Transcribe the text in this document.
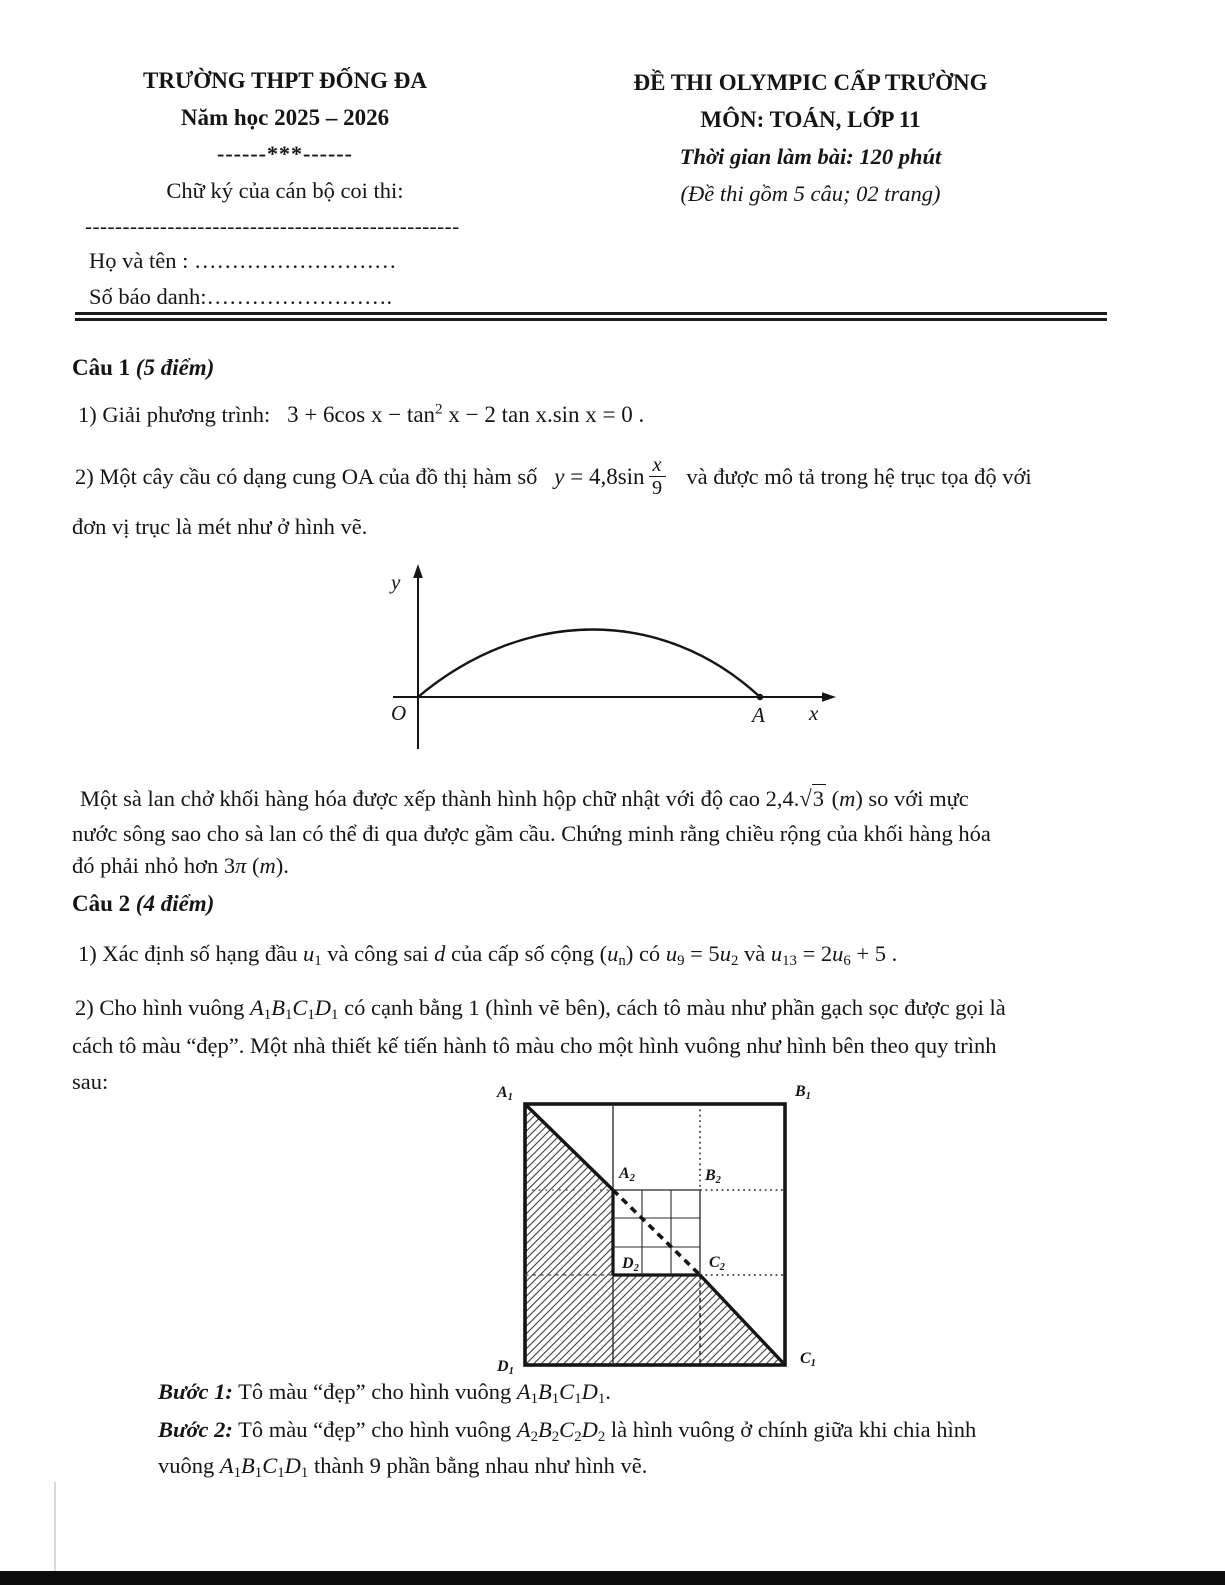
TRƯỜNG THPT ĐỐNG ĐA
Năm học 2025 – 2026
------***------
Chữ ký của cán bộ coi thi:
--------------------------------------------------
Họ và tên : ………………………
Số báo danh:…………………….
ĐỀ THI OLYMPIC CẤP TRƯỜNG
MÔN: TOÁN, LỚP 11
Thời gian làm bài: 120 phút
(Đề thi gồm 5 câu; 02 trang)
Câu 1 (5 điểm)
1) Giải phương trình: 3 + 6cos $x - \tan^2 x - 2$ tan x.sin x = 0 .
2) Một cây cầu có dạng cung OA của đồ thị hàm số $y = 4,8\sin \frac{x}{9}$ và được mô tả trong hệ trục tọa độ với
đơn vị trục là mét như ở hình vẽ.
y
O	A x
Một sà lan chở khối hàng hóa được xếp thành hình hộp chữ nhật với độ cao 2,4.√3 (m) so với mực
nước sông sao cho sà lan có thể đi qua được gầm cầu. Chứng minh rằng chiều rộng của khối hàng hóa
đó phải nhỏ hơn 3π (m).
Câu 2 (4 điểm)
1) Xác định số hạng đầu $u_1$ và công sai d của cấp số cộng $(u_n)$ có $u_9 = 5u_2$ và $u_{13} = 2u_6 + 5$ .
2) Cho hình vuông $A_1B_1C_1D_1$ có cạnh bằng 1 (hình vẽ bên), cách tô màu như phần gạch sọc được gọi là
cách tô màu “đẹp”. Một nhà thiết kế tiến hành tô màu cho một hình vuông như hình bên theo quy trình
sau:	$A_1$	$B_1$
$D_1$
$C_1$
$A_2$	$B_2$
$D_2$	$C_2$
Bước 1: Tô màu “đẹp” cho hình vuông $A_1B_1C_1D_1$.
Bước 2: Tô màu “đẹp” cho hình vuông $A_2B_2C_2D_2$ là hình vuông ở chính giữa khi chia hình
vuông $A_1B_1C_1D_1$ thành 9 phần bằng nhau như hình vẽ.
